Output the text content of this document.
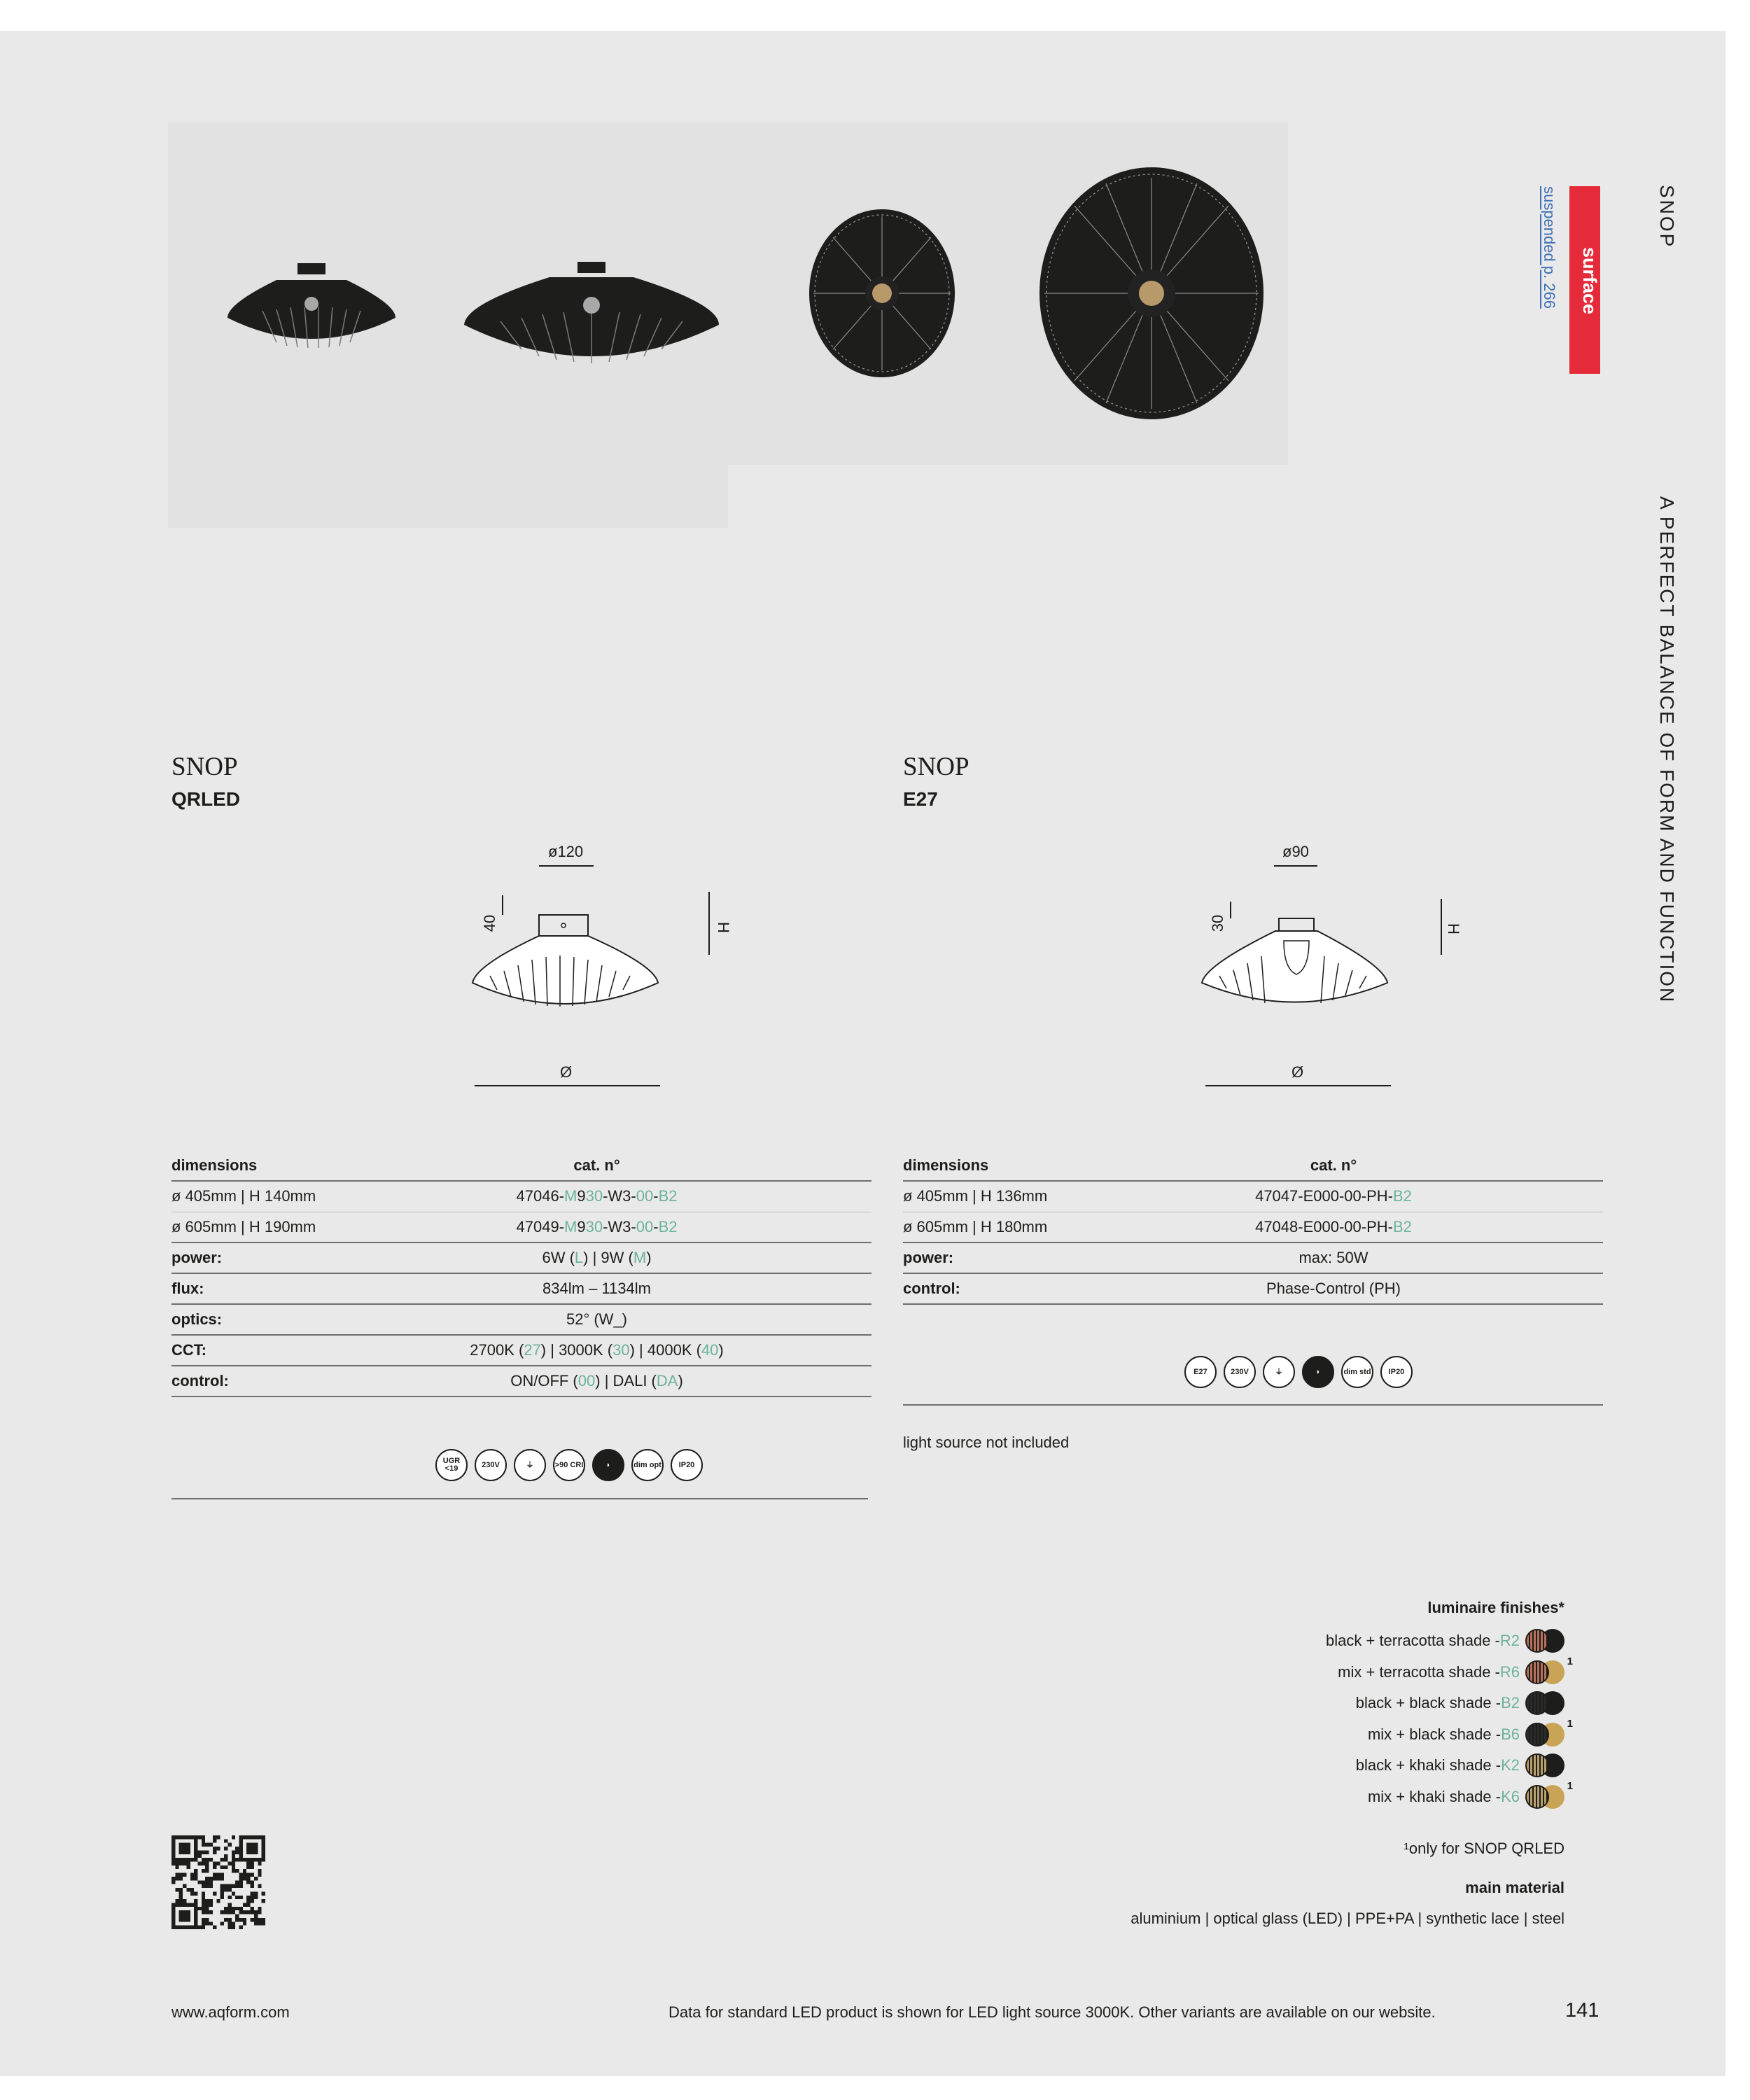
SNOP
A PERFECT BALANCE OF FORM AND FUNCTION
surface
suspended p. 266
SNOP
QRLED
SNOP
E27
ø120
40	H
Ø
ø90
30	H
Ø
dimensions	cat. n°
ø 405mm | H 140mm	47046-M930-W3-00-B2
ø 605mm | H 190mm	47049-M930-W3-00-B2
power:	6W (L) | 9W (M)
flux:	834lm – 1134lm
optics:	52° (W_)
CCT:	2700K (27) | 3000K (30) | 4000K (40)
control:	ON/OFF (00) | DALI (DA)
UGR <19	230V	⏚	>90 CRI	◗	dim opt	IP20
dimensions	cat. n°
ø 405mm | H 136mm	47047-E000-00-PH-B2
ø 605mm | H 180mm	47048-E000-00-PH-B2
power:	max: 50W
control:	Phase-Control (PH)
E27	230V	⏚	◗	dim std	IP20
light source not included
luminaire finishes*
black + terracotta shade - R2
mix + terracotta shade - R6
1
black + black shade - B2
mix + black shade - B6
1
black + khaki shade - K2
mix + khaki shade - K6
1
¹only for SNOP QRLED
main material
aluminium | optical glass (LED) | PPE+PA | synthetic lace | steel
www.aqform.com	Data for standard LED product is shown for LED light source 3000K. Other variants are available on our website.	141
